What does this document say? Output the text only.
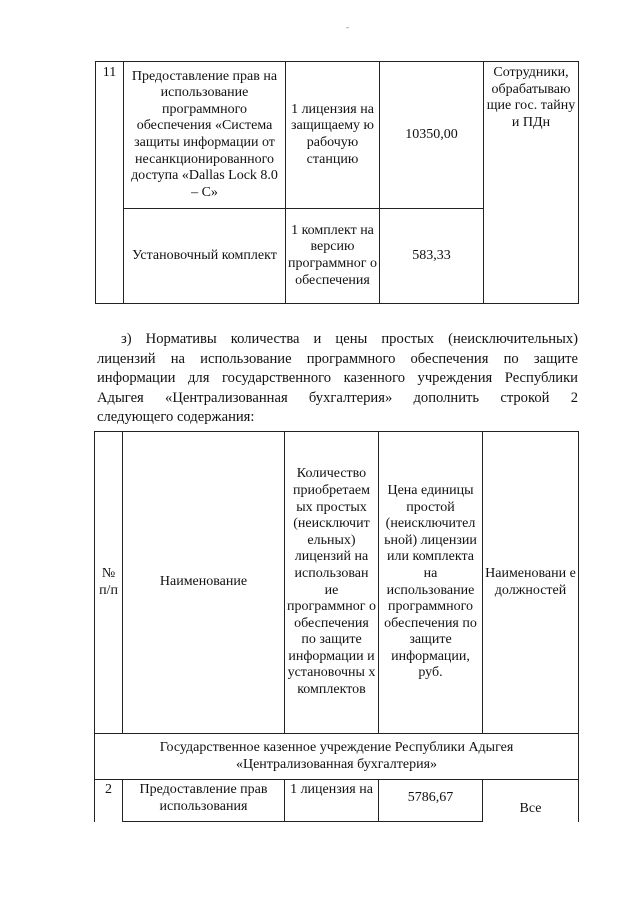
-
11	Предоставление прав на использование программного обеспечения «Система защиты информации от несанкционированного доступа «Dallas Lock 8.0 – С»	1 лицензия на защищаему ю рабочую станцию	10350,00	Сотрудники, обрабатываю щие гос. тайну и ПДн
	Установочный комплект	1 комплект на версию программног о обеспечения	583,33	

з) Нормативы количества и цены простых (неисключительных)

лицензий на использование программного обеспечения по защите

информации для государственного казенного учреждения Республики

Адыгея «Централизованная бухгалтерия» дополнить строкой 2

следующего содержания:

№ п/п	Наименование	Количество приобретаем ых простых (неисключит ельных) лицензий на использован ие программног о обеспечения по защите информации и установочны х комплектов	Цена единицы простой (неисключител ьной) лицензии или комплекта на использование программного обеспечения по защите информации, руб.	Наименовани е должностей
Государственное казенное учреждение Республики Адыгея «Централизованная бухгалтерия»				
2	Предоставление прав использования	1 лицензия на	5786,67	Все
